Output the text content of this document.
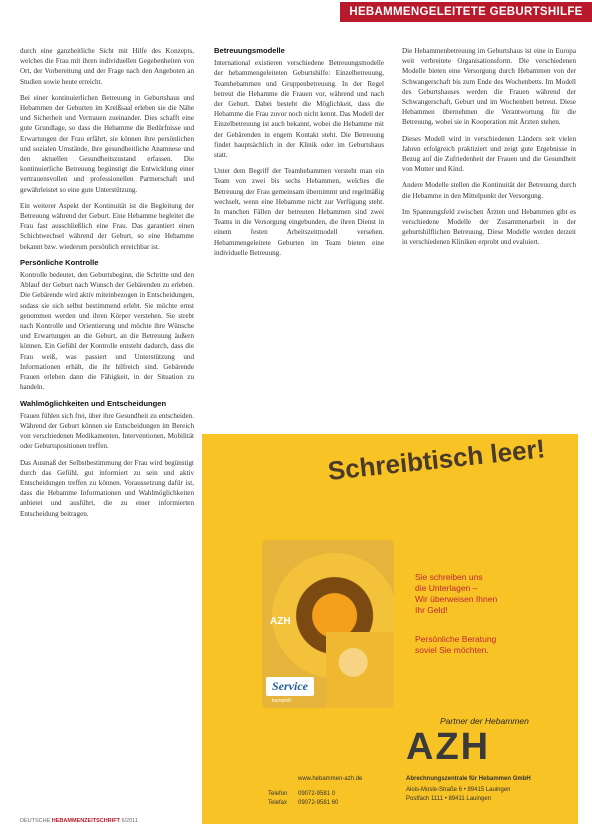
HEBAMMENGELEITETE GEBURTSHILFE

durch eine ganzheitliche Sicht mit Hilfe des Konzepts, welches die Frau mit ihren individuellen Gegebenheiten von Ort, der Vorbereitung und der Frage nach den Angeboten an Studien sowie heute erreicht.

Bei einer kontinuierlichen Betreuung in Geburtshaus und Hebammen der Geburten im Kreißsaal erleben sie die Nähe und Sicherheit und Vertrauen zueinander. Dies schafft eine gute Grundlage, so dass die Hebamme die Bedürfnisse und Erwartungen der Frau erfährt, sie können ihre persönlichen und sozialen Umstände, ihre gesundheitliche Anamnese und den aktuellen Gesundheitszustand erfassen. Die kontinuierliche Betreuung begünstigt die Entwicklung einer vertrauensvollen und professionellen Partnerschaft und gewährleistet so eine gute Unterstützung.

Ein weiterer Aspekt der Kontinuität ist die Begleitung der Betreuung während der Geburt. Eine Hebamme begleitet die Frau fast ausschließlich eine Frau. Das garantiert einen Schichtwechsel während der Geburt, so eine Hebamme bekannt bzw. wiederum persönlich erreichbar ist.

Persönliche Kontrolle

Kontrolle bedeutet, den Geburtsbeginn, die Schritte und den Ablauf der Geburt nach Wunsch der Gebärenden zu erleben. Die Gebärende wird aktiv miteinbezogen in Entscheidungen, sodass sie sich selbst bestimmend erlebt. Sie möchte ernst genommen werden und ihren Körper verstehen. Sie strebt nach Kontrolle und Orientierung und möchte ihre Wünsche und Erwartungen an die Geburt, an die Betreuung äußern können. Ein Gefühl der Kontrolle entsteht dadurch, dass die Frau weiß, was passiert und Unterstützung und Informationen erhält, die ihr hilfreich sind. Gebärende Frauen erleben dann die Fähigkeit, in der Situation zu handeln.

Wahlmöglichkeiten und Entscheidungen

Frauen fühlen sich frei, über ihre Gesundheit zu entscheiden. Während der Geburt können sie Entscheidungen im Bereich von verschiedenen Medikamenten, Interventionen, Mobilität oder Geburtspositionen treffen.

Das Ausmaß der Selbstbestimmung der Frau wird begünstigt durch das Gefühl, gut informiert zu sein und aktiv Entscheidungen treffen zu können. Voraussetzung dafür ist, dass die Hebamme Informationen und Wahlmöglichkeiten anbietet und ausführt, die zu einer informierten Entscheidung beitragen.

Betreuungsmodelle

International existieren verschiedene Betreuungsmodelle der hebammengeleiteten Geburtshilfe: Einzelbetreuung, Teamhebammen und Gruppenbetreuung. In der Regel betreut die Hebamme die Frauen vor, während und nach der Geburt. Dabei besteht die Möglichkeit, dass die Hebamme die Frau zuvor noch nicht kennt. Das Modell der Einzelbetreuung ist auch bekannt, wobei die Hebamme mit der Gebärenden in engem Kontakt steht. Die Betreuung findet hauptsächlich in der Klinik oder im Geburtshaus statt.

Unter dem Begriff der Teamhebammen versteht man ein Team von zwei bis sechs Hebammen, welches die Betreuung der Frau gemeinsam übernimmt und regelmäßig wechselt, wenn eine Hebamme nicht zur Verfügung steht. In manchen Fällen der betreuten Hebammen sind zwei Teams in die Versorgung eingebunden, die ihren Dienst in einem festen Arbeitszeitmodell versehen. Hebammengeleitete Geburten im Team bieten eine individuelle Betreuung.

Die Hebammenbetreuung im Geburtshaus ist eine in Europa weit verbreitete Organisationsform. Die verschiedenen Modelle bieten eine Versorgung durch Hebammen von der Schwangerschaft bis zum Ende des Wochenbetts. Im Modell des Geburtshauses werden die Frauen während der Schwangerschaft, Geburt und im Wochenbett betreut. Diese Hebammen übernehmen die Verantwortung für die Betreuung, wobei sie in Kooperation mit Ärzten stehen.

Dieses Modell wird in verschiedenen Ländern seit vielen Jahren erfolgreich praktiziert und zeigt gute Ergebnisse in Bezug auf die Zufriedenheit der Frauen und die Gesundheit von Mutter und Kind.

Andere Modelle stellen die Kontinuität der Betreuung durch die Hebamme in den Mittelpunkt der Versorgung.

Im Spannungsfeld zwischen Ärzten und Hebammen gibt es verschiedene Modelle der Zusammenarbeit in der geburtshilflichen Betreuung. Diese Modelle werden derzeit in verschiedenen Kliniken erprobt und evaluiert.

Schreibtisch leer!
AZH
Service
komplett
Sie schreiben uns
die Unterlagen –
Wir überweisen Ihnen
Ihr Geld!
Persönliche Beratung
soviel Sie möchten.
Partner der Hebammen
AZH
www.hebammen-azh.de
Telefon 09072-9581 0
Telefax 09072-9581 60
Abrechnungszentrale für Hebammen GmbH
Alois-Mosle-Straße 6 • 89415 Lauingen
Postfach 1111 • 89411 Lauingen
DEUTSCHE HEBAMMENZEITSCHRIFT 6/2011
